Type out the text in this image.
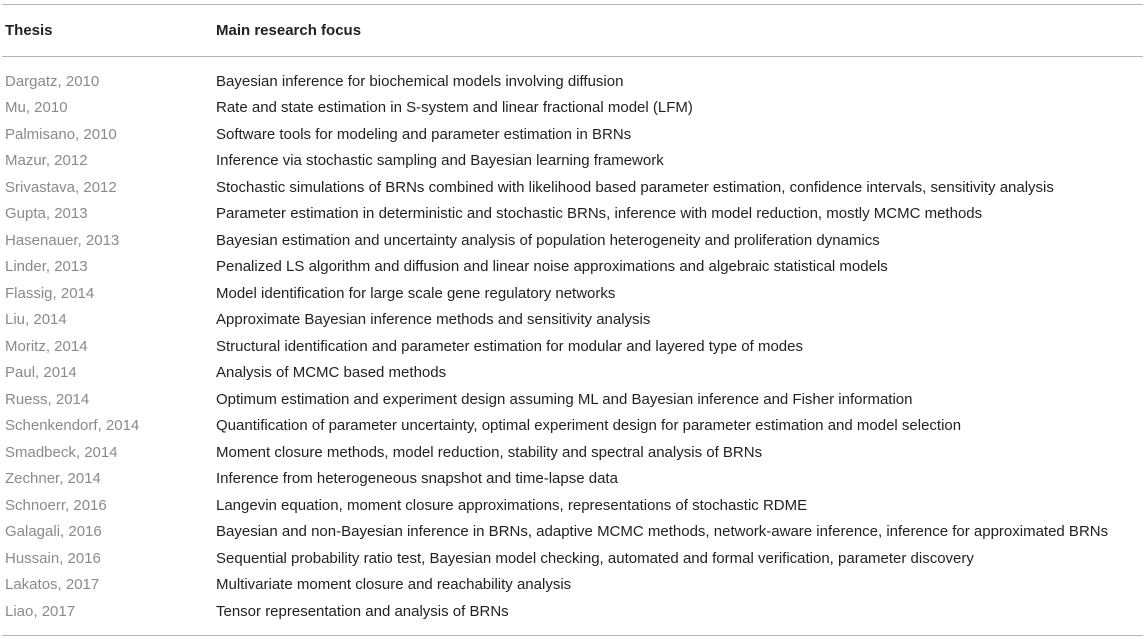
Thesis	Main research focus
Dargatz, 2010	Bayesian inference for biochemical models involving diffusion
Mu, 2010	Rate and state estimation in S-system and linear fractional model (LFM)
Palmisano, 2010	Software tools for modeling and parameter estimation in BRNs
Mazur, 2012	Inference via stochastic sampling and Bayesian learning framework
Srivastava, 2012	Stochastic simulations of BRNs combined with likelihood based parameter estimation, confidence intervals, sensitivity analysis
Gupta, 2013	Parameter estimation in deterministic and stochastic BRNs, inference with model reduction, mostly MCMC methods
Hasenauer, 2013	Bayesian estimation and uncertainty analysis of population heterogeneity and proliferation dynamics
Linder, 2013	Penalized LS algorithm and diffusion and linear noise approximations and algebraic statistical models
Flassig, 2014	Model identification for large scale gene regulatory networks
Liu, 2014	Approximate Bayesian inference methods and sensitivity analysis
Moritz, 2014	Structural identification and parameter estimation for modular and layered type of modes
Paul, 2014	Analysis of MCMC based methods
Ruess, 2014	Optimum estimation and experiment design assuming ML and Bayesian inference and Fisher information
Schenkendorf, 2014	Quantification of parameter uncertainty, optimal experiment design for parameter estimation and model selection
Smadbeck, 2014	Moment closure methods, model reduction, stability and spectral analysis of BRNs
Zechner, 2014	Inference from heterogeneous snapshot and time-lapse data
Schnoerr, 2016	Langevin equation, moment closure approximations, representations of stochastic RDME
Galagali, 2016	Bayesian and non-Bayesian inference in BRNs, adaptive MCMC methods, network-aware inference, inference for approximated BRNs
Hussain, 2016	Sequential probability ratio test, Bayesian model checking, automated and formal verification, parameter discovery
Lakatos, 2017	Multivariate moment closure and reachability analysis
Liao, 2017	Tensor representation and analysis of BRNs
